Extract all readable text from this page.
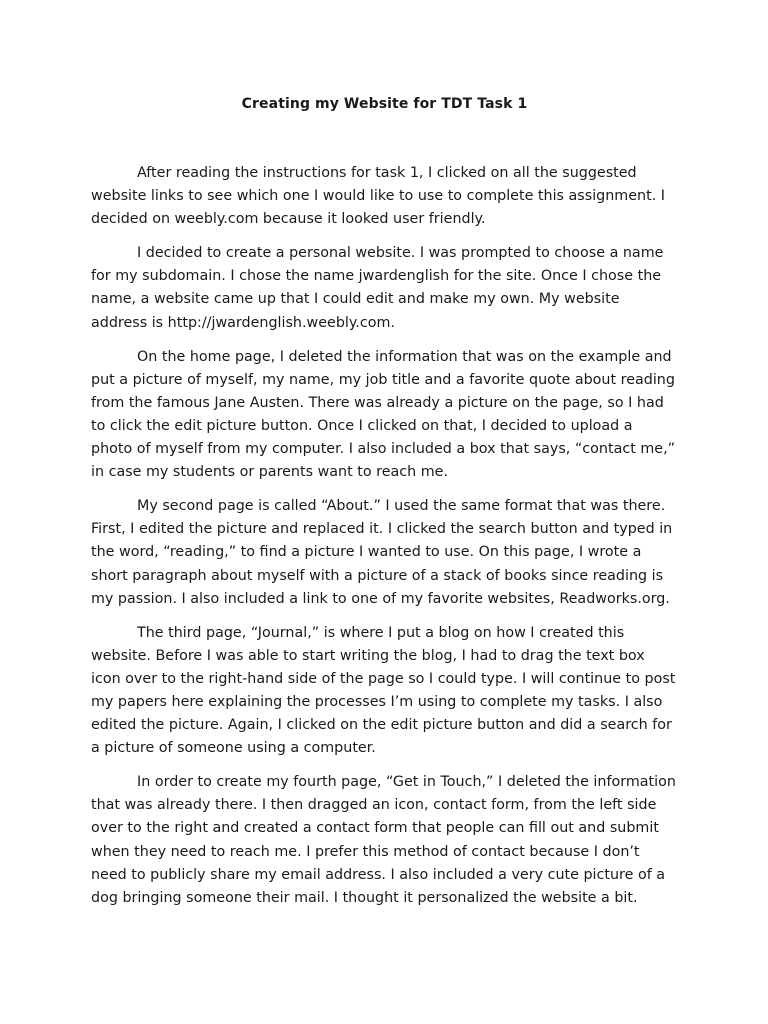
Creating my Website for TDT Task 1

After reading the instructions for task 1, I clicked on all the suggested website links to see which one I would like to use to complete this assignment. I decided on weebly.com because it looked user friendly.

I decided to create a personal website. I was prompted to choose a name for my subdomain. I chose the name jwardenglish for the site. Once I chose the name, a website came up that I could edit and make my own. My website address is http://jwardenglish.weebly.com.

On the home page, I deleted the information that was on the example and put a picture of myself, my name, my job title and a favorite quote about reading from the famous Jane Austen. There was already a picture on the page, so I had to click the edit picture button. Once I clicked on that, I decided to upload a photo of myself from my computer. I also included a box that says, “contact me,” in case my students or parents want to reach me.

My second page is called “About.” I used the same format that was there. First, I edited the picture and replaced it. I clicked the search button and typed in the word, “reading,” to find a picture I wanted to use. On this page, I wrote a short paragraph about myself with a picture of a stack of books since reading is my passion. I also included a link to one of my favorite websites, Readworks.org.

The third page, “Journal,” is where I put a blog on how I created this website. Before I was able to start writing the blog, I had to drag the text box icon over to the right-hand side of the page so I could type. I will continue to post my papers here explaining the processes I’m using to complete my tasks. I also edited the picture. Again, I clicked on the edit picture button and did a search for a picture of someone using a computer.

In order to create my fourth page, “Get in Touch,” I deleted the information that was already there. I then dragged an icon, contact form, from the left side over to the right and created a contact form that people can fill out and submit when they need to reach me. I prefer this method of contact because I don’t need to publicly share my email address. I also included a very cute picture of a dog bringing someone their mail. I thought it personalized the website a bit.
